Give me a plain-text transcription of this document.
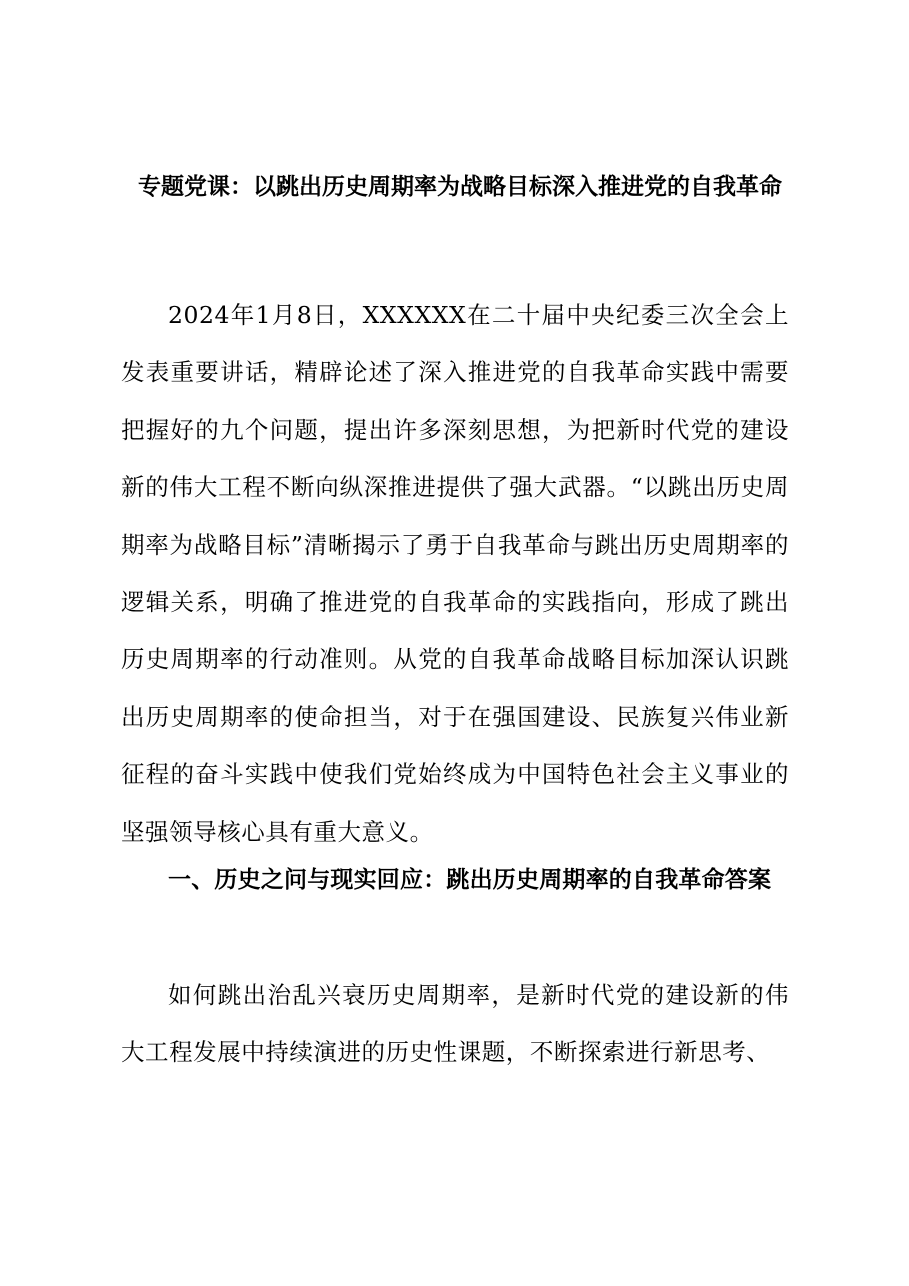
专题党课：以跳出历史周期率为战略目标深入推进党的自我革命

2024年1月8日，XXXXXX在二十届中央纪委三次全会上发表重要讲话，精辟论述了深入推进党的自我革命实践中需要把握好的九个问题，提出许多深刻思想，为把新时代党的建设新的伟大工程不断向纵深推进提供了强大武器。“以跳出历史周期率为战略目标”清晰揭示了勇于自我革命与跳出历史周期率的逻辑关系，明确了推进党的自我革命的实践指向，形成了跳出历史周期率的行动准则。从党的自我革命战略目标加深认识跳出历史周期率的使命担当，对于在强国建设、民族复兴伟业新征程的奋斗实践中使我们党始终成为中国特色社会主义事业的坚强领导核心具有重大意义。

一、历史之问与现实回应：跳出历史周期率的自我革命答案

如何跳出治乱兴衰历史周期率，是新时代党的建设新的伟大工程发展中持续演进的历史性课题，不断探索进行新思考、
